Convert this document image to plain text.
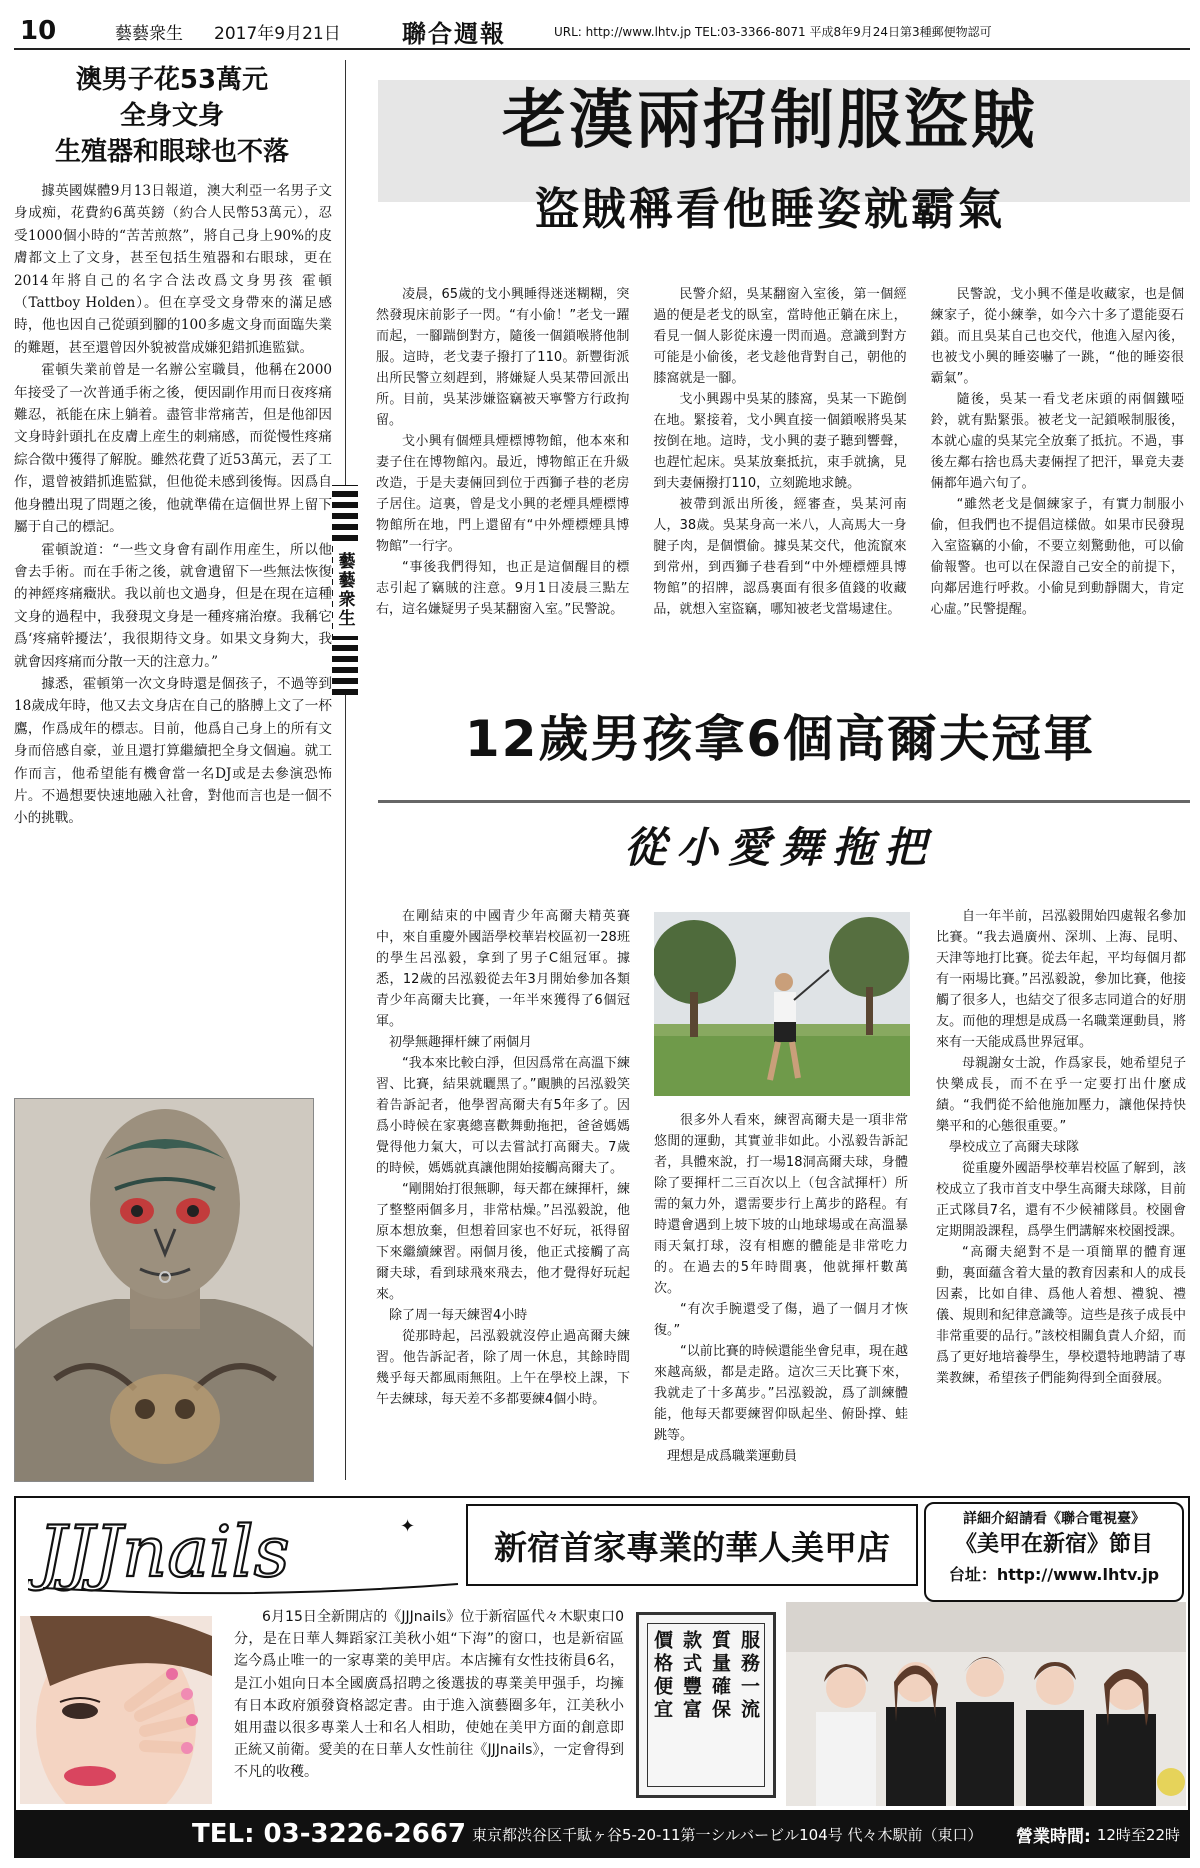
10	藝藝衆生	2017年9月21日	聯合週報	URL: http://www.lhtv.jp TEL:03-3366-8071 平成8年9月24日第3種郵便物認可
澳男子花53萬元
全身文身
生殖器和眼球也不落

據英國媒體9月13日報道，澳大利亞一名男子文身成痴，花費約6萬英鎊（約合人民幣53萬元），忍受1000個小時的“苦苦煎熬”，將自己身上90%的皮膚都文上了文身，甚至包括生殖器和右眼球，更在2014年將自己的名字合法改爲文身男孩 霍頓（Tattboy Holden）。但在享受文身帶來的滿足感時，他也因自己從頭到腳的100多處文身而面臨失業的難題，甚至還曾因外貌被當成嫌犯錯抓進監獄。

霍頓失業前曾是一名辦公室職員，他稱在2000年接受了一次普通手術之後，便因副作用而日夜疼痛難忍，祇能在床上躺着。盡管非常痛苦，但是他卻因文身時針頭扎在皮膚上産生的刺痛感，而從慢性疼痛綜合徵中獲得了解脫。雖然花費了近53萬元，丟了工作，還曾被錯抓進監獄，但他從未感到後悔。因爲自他身體出現了問題之後，他就準備在這個世界上留下屬于自己的標記。

霍頓說道：“一些文身會有副作用産生，所以他會去手術。而在手術之後，就會遺留下一些無法恢復的神經疼痛癥狀。我以前也文過身，但是在現在這種文身的過程中，我發現文身是一種疼痛治療。我稱它爲‘疼痛幹擾法’，我很期待文身。如果文身夠大，我就會因疼痛而分散一天的注意力。”

據悉，霍頓第一次文身時還是個孩子，不過等到18歲成年時，他又去文身店在自己的胳膊上文了一杯鷹，作爲成年的標志。目前，他爲自己身上的所有文身而倍感自豪，並且還打算繼續把全身文個遍。就工作而言，他希望能有機會當一名DJ或是去參演恐怖片。不過想要快速地融入社會，對他而言也是一個不小的挑戰。

藝藝衆生
老漢兩招制服盜賊
盜賊稱看他睡姿就霸氣

凌晨，65歲的戈小興睡得迷迷糊糊，突然發現床前影子一閃。“有小偷！”老戈一躍而起，一腳踹倒對方，隨後一個鎖喉將他制服。這時，老戈妻子撥打了110。新豐街派出所民警立刻趕到，將嫌疑人吳某帶回派出所。目前，吳某涉嫌盜竊被天寧警方行政拘留。

戈小興有個煙具煙標博物館，他本來和妻子住在博物館內。最近，博物館正在升級改造，于是夫妻倆回到位于西獅子巷的老房子居住。這裏，曾是戈小興的老煙具煙標博物館所在地，門上還留有“中外煙標煙具博物館”一行字。

“事後我們得知，也正是這個醒目的標志引起了竊賊的注意。9月1日凌晨三點左右，這名嫌疑男子吳某翻窗入室。”民警說。

民警介紹，吳某翻窗入室後，第一個經過的便是老戈的臥室，當時他正躺在床上，看見一個人影從床邊一閃而過。意識到對方可能是小偷後，老戈趁他背對自己，朝他的膝窩就是一腳。

戈小興踢中吳某的膝窩，吳某一下跪倒在地。緊接着，戈小興直接一個鎖喉將吳某按倒在地。這時，戈小興的妻子聽到響聲，也趕忙起床。吳某放棄抵抗，束手就擒，見到夫妻倆撥打110，立刻跪地求饒。

被帶到派出所後，經審查，吳某河南人，38歲。吳某身高一米八，人高馬大一身腱子肉，是個慣偷。據吳某交代，他流竄來到常州，到西獅子巷看到“中外煙標煙具博物館”的招牌，認爲裏面有很多值錢的收藏品，就想入室盜竊，哪知被老戈當場逮住。

民警說，戈小興不僅是收藏家，也是個練家子，從小練拳，如今六十多了還能耍石鎖。而且吳某自己也交代，他進入屋內後，也被戈小興的睡姿嚇了一跳，“他的睡姿很霸氣”。

隨後，吳某一看戈老床頭的兩個鐵啞鈴，就有點緊張。被老戈一記鎖喉制服後，本就心虛的吳某完全放棄了抵抗。不過，事後左鄰右捨也爲夫妻倆捏了把汗，畢竟夫妻倆都年過六旬了。

“雖然老戈是個練家子，有實力制服小偷，但我們也不提倡這樣做。如果市民發現入室盜竊的小偷，不要立刻驚動他，可以偷偷報警。也可以在保證自己安全的前提下，向鄰居進行呼救。小偷見到動靜闊大，肯定心虛。”民警提醒。

12歲男孩拿6個高爾夫冠軍
從小愛舞拖把

在剛結束的中國青少年高爾夫精英賽中，來自重慶外國語學校華岩校區初一28班的學生呂泓毅，拿到了男子C組冠軍。據悉，12歲的呂泓毅從去年3月開始參加各類青少年高爾夫比賽，一年半來獲得了6個冠軍。

初學無趣揮杆練了兩個月

“我本來比較白淨，但因爲常在高溫下練習、比賽，結果就曬黑了。”靦腆的呂泓毅笑着告訴記者，他學習高爾夫有5年多了。因爲小時候在家裏總喜歡舞動拖把，爸爸媽媽覺得他力氣大，可以去嘗試打高爾夫。7歲的時候，媽媽就真讓他開始接觸高爾夫了。

“剛開始打很無聊，每天都在練揮杆，練了整整兩個多月，非常枯燥。”呂泓毅說，他原本想放棄，但想着回家也不好玩，祇得留下來繼續練習。兩個月後，他正式接觸了高爾夫球，看到球飛來飛去，他才覺得好玩起來。

除了周一每天練習4小時

從那時起，呂泓毅就沒停止過高爾夫練習。他告訴記者，除了周一休息，其餘時間幾乎每天都風雨無阻。上午在學校上課，下午去練球，每天差不多都要練4個小時。

很多外人看來，練習高爾夫是一項非常悠閒的運動，其實並非如此。小泓毅告訴記者，具體來說，打一場18洞高爾夫球，身體除了要揮杆二三百次以上（包含試揮杆）所需的氣力外，還需要步行上萬步的路程。有時還會遇到上坡下坡的山地球場或在高溫暴雨天氣打球，沒有相應的體能是非常吃力的。在過去的5年時間裏，他就揮杆數萬次。

“有次手腕還受了傷，過了一個月才恢復。”

“以前比賽的時候還能坐會兒車，現在越來越高級，都是走路。這次三天比賽下來，我就走了十多萬步。”呂泓毅說，爲了訓練體能，他每天都要練習仰臥起坐、俯卧撑、蛙跳等。

理想是成爲職業運動員

自一年半前，呂泓毅開始四處報名參加比賽。“我去過廣州、深圳、上海、昆明、天津等地打比賽。從去年起，平均每個月都有一兩場比賽。”呂泓毅說，參加比賽，他接觸了很多人，也結交了很多志同道合的好朋友。而他的理想是成爲一名職業運動員，將來有一天能成爲世界冠軍。

母親謝女士說，作爲家長，她希望兒子快樂成長，而不在乎一定要打出什麼成績。“我們從不給他施加壓力，讓他保持快樂平和的心態很重要。”

學校成立了高爾夫球隊

從重慶外國語學校華岩校區了解到，該校成立了我市首支中學生高爾夫球隊，目前正式隊員7名，還有不少候補隊員。校園會定期開設課程，爲學生們講解來校園授課。

“高爾夫絕對不是一項簡單的體育運動，裏面蘊含着大量的教育因素和人的成長因素，比如自律、爲他人着想、禮貌、禮儀、規則和紀律意識等。這些是孩子成長中非常重要的品行。”該校相關負責人介紹，而爲了更好地培養學生，學校還特地聘請了專業教練，希望孩子們能夠得到全面發展。

JJJnails	✦
新宿首家專業的華人美甲店
詳細介紹請看《聯合電視臺》
《美甲在新宿》節目
台址：http://www.lhtv.jp

6月15日全新開店的《JJJnails》位于新宿區代々木駅東口0分，是在日華人舞蹈家江美秋小姐“下海”的窗口，也是新宿區迄今爲止唯一的一家專業的美甲店。本店擁有女性技術員6名，是江小姐向日本全國廣爲招聘之後選拔的專業美甲强手，均擁有日本政府頒發資格認定書。由于進入演藝圈多年，江美秋小姐用盡以很多專業人士和名人相助，使她在美甲方面的創意即正統又前衛。愛美的在日華人女性前往《JJJnails》，一定會得到不凡的收穫。

價格便宜 款式豐富 質量確保 服務一流
TEL: 03-3226-2667 東京都渋谷区千駄ヶ谷5-20-11第一シルバービル104号 代々木駅前（東口）	營業時間: 12時至22時
